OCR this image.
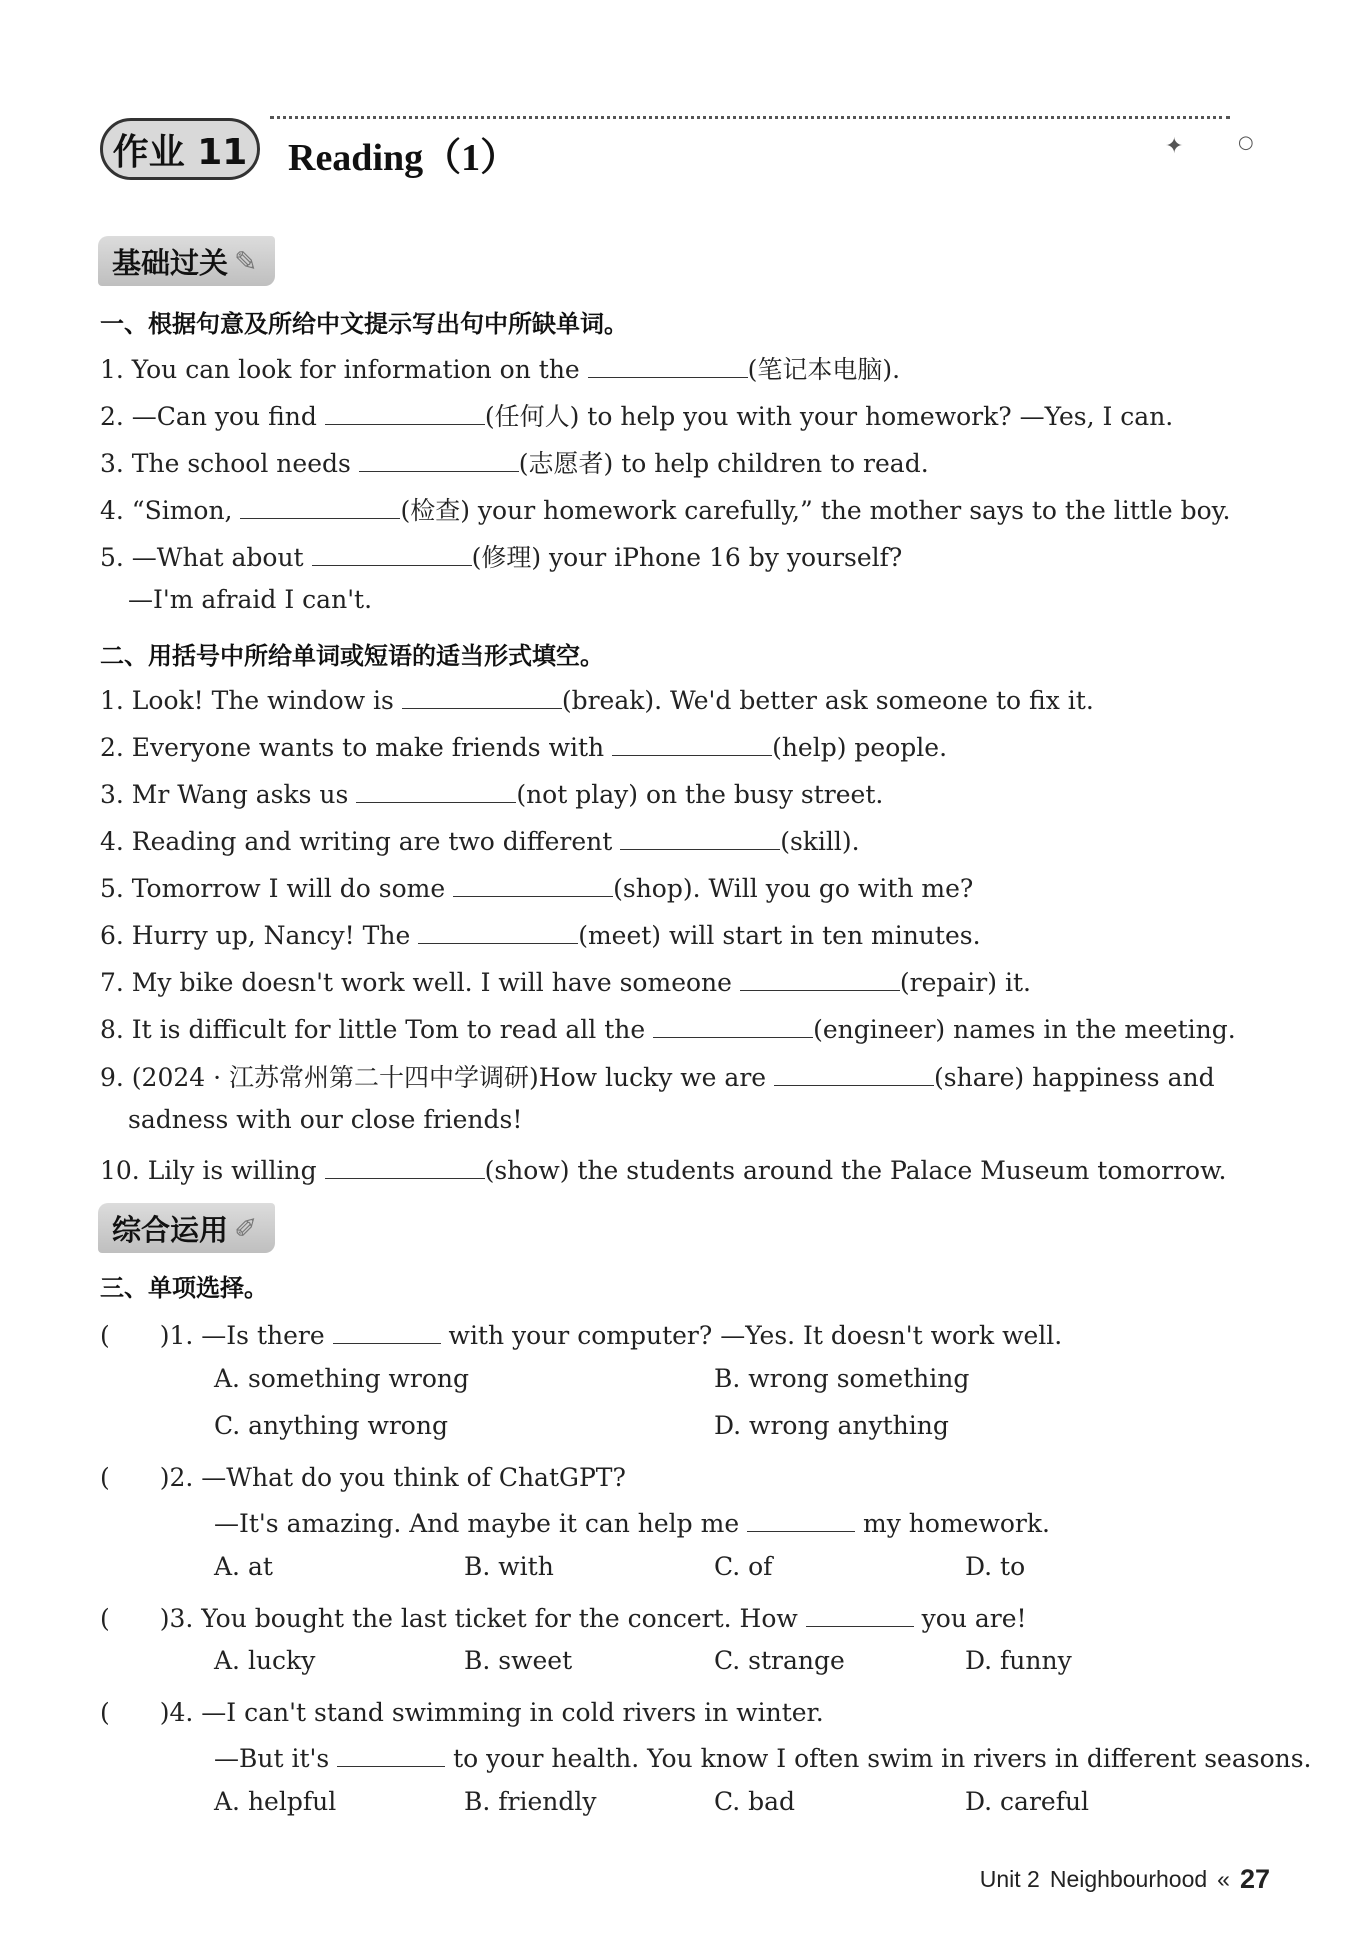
作业 11	Reading（1）	✦	○
基础过关 ✎
一、根据句意及所给中文提示写出句中所缺单词。
1. You can look for information on the	(笔记本电脑).
2. —Can you find	(任何人) to help you with your homework? —Yes, I can.
3. The school needs	(志愿者) to help children to read.
4. “Simon,	(检查) your homework carefully,” the mother says to the little boy.
5. —What about	(修理) your iPhone 16 by yourself?
—I'm afraid I can't.
二、用括号中所给单词或短语的适当形式填空。
1. Look! The window is	(break). We'd better ask someone to fix it.
2. Everyone wants to make friends with	(help) people.
3. Mr Wang asks us	(not play) on the busy street.
4. Reading and writing are two different	(skill).
5. Tomorrow I will do some	(shop). Will you go with me?
6. Hurry up, Nancy! The	(meet) will start in ten minutes.
7. My bike doesn't work well. I will have someone	(repair) it.
8. It is difficult for little Tom to read all the	(engineer) names in the meeting.
9. (2024 · 江苏常州第二十四中学调研)How lucky we are	(share) happiness and
sadness with our close friends!
10. Lily is willing	(show) the students around the Palace Museum tomorrow.
综合运用 ✐
三、单项选择。
(　　)1. —Is there	with your computer? —Yes. It doesn't work well.
A. something wrong	B. wrong something
C. anything wrong	D. wrong anything
(　　)2. —What do you think of ChatGPT?
—It's amazing. And maybe it can help me	my homework.
A. at	B. with	C. of	D. to
(　　)3. You bought the last ticket for the concert. How	you are!
A. lucky	B. sweet	C. strange	D. funny
(　　)4. —I can't stand swimming in cold rivers in winter.
—But it's	to your health. You know I often swim in rivers in different seasons.
A. helpful	B. friendly	C. bad	D. careful
Unit 2 Neighbourhood « 27
